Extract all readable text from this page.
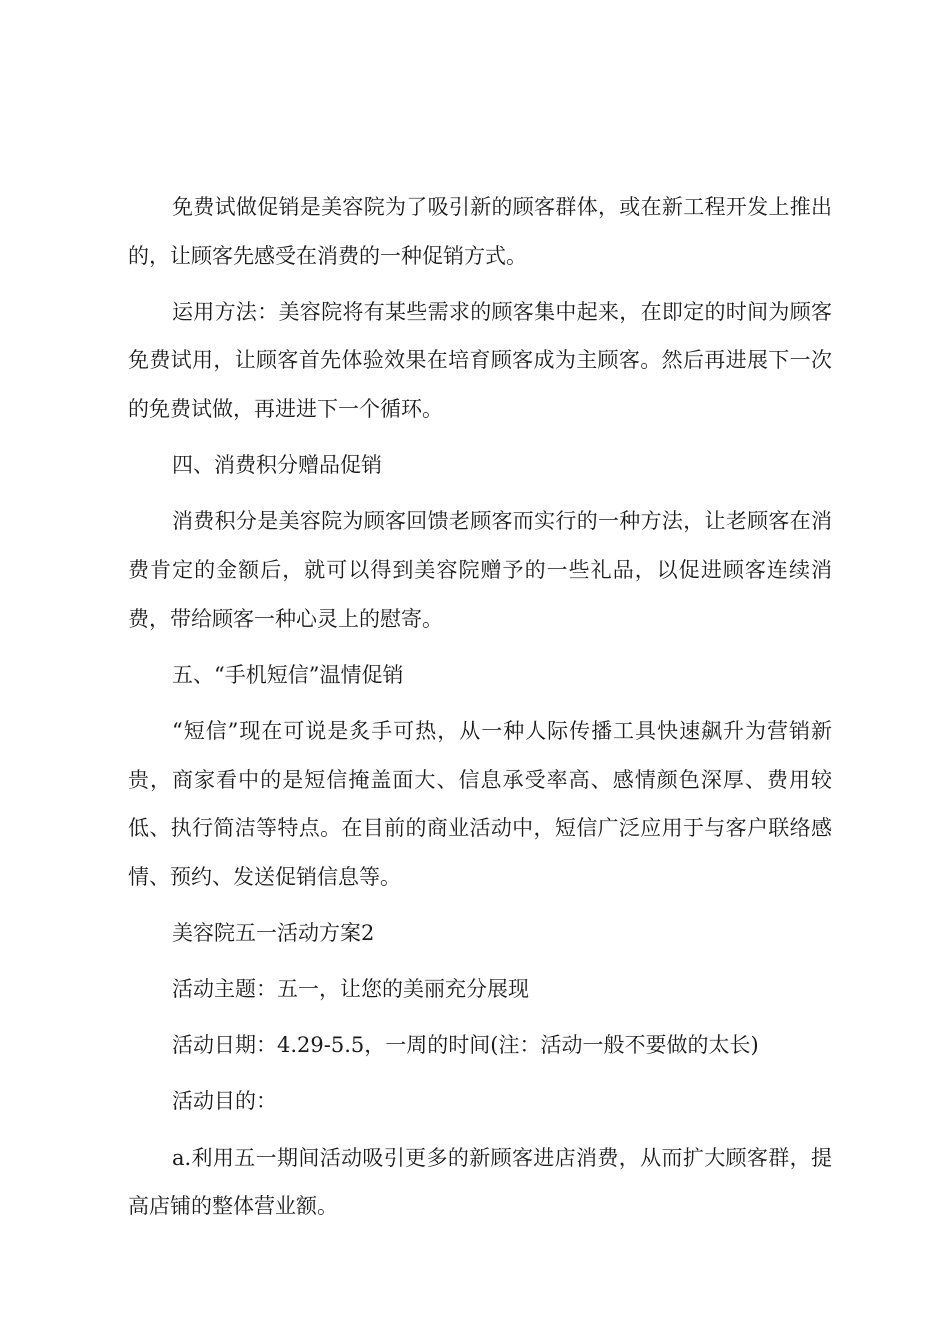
免费试做促销是美容院为了吸引新的顾客群体，或在新工程开发上推出的，让顾客先感受在消费的一种促销方式。

运用方法：美容院将有某些需求的顾客集中起来，在即定的时间为顾客免费试用，让顾客首先体验效果在培育顾客成为主顾客。然后再进展下一次的免费试做，再进进下一个循环。

四、消费积分赠品促销

消费积分是美容院为顾客回馈老顾客而实行的一种方法，让老顾客在消费肯定的金额后，就可以得到美容院赠予的一些礼品，以促进顾客连续消费，带给顾客一种心灵上的慰寄。

五、“手机短信”温情促销

“短信”现在可说是炙手可热，从一种人际传播工具快速飙升为营销新贵，商家看中的是短信掩盖面大、信息承受率高、感情颜色深厚、费用较低、执行简洁等特点。在目前的商业活动中，短信广泛应用于与客户联络感情、预约、发送促销信息等。

美容院五一活动方案2

活动主题：五一，让您的美丽充分展现

活动日期：4.29-5.5，一周的时间(注：活动一般不要做的太长)

活动目的：

a.利用五一期间活动吸引更多的新顾客进店消费，从而扩大顾客群，提高店铺的整体营业额。
